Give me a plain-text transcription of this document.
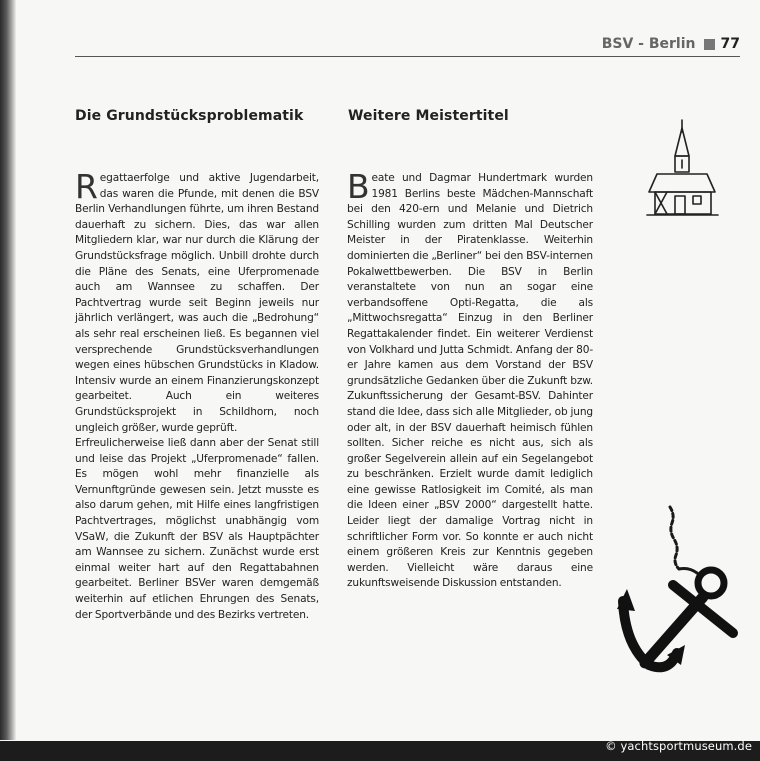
BSV - Berlin 77
Die Grundstücksproblematik	Weitere Meistertitel

Regattaerfolge und aktive Jugendarbeit, das waren die Pfunde, mit denen die BSV Berlin Verhandlungen führte, um ihren Bestand dauerhaft zu sichern. Dies, das war allen Mitgliedern klar, war nur durch die Klärung der Grundstücksfrage möglich. Unbill drohte durch die Pläne des Senats, eine Uferpromenade auch am Wannsee zu schaffen. Der Pachtvertrag wurde seit Beginn jeweils nur jährlich verlängert, was auch die „Bedrohung“ als sehr real erscheinen ließ. Es begannen viel versprechende Grundstücksverhandlungen wegen eines hübschen Grundstücks in Kladow. Intensiv wurde an einem Finanzierungskonzept gearbeitet. Auch ein weiteres Grundstücksprojekt in Schildhorn, noch ungleich größer, wurde geprüft.

Erfreulicherweise ließ dann aber der Senat still und leise das Projekt „Uferpromenade“ fallen. Es mögen wohl mehr finanzielle als Vernunftgründe gewesen sein. Jetzt musste es also darum gehen, mit Hilfe eines langfristigen Pachtvertrages, möglichst unabhängig vom VSaW, die Zukunft der BSV als Hauptpächter am Wannsee zu sichern. Zunächst wurde erst einmal weiter hart auf den Regattabahnen gearbeitet. Berliner BSVer waren demgemäß weiterhin auf etlichen Ehrungen des Senats, der Sportverbände und des Bezirks vertreten.

Beate und Dagmar Hundertmark wurden 1981 Berlins beste Mädchen-Mannschaft bei den 420-ern und Melanie und Dietrich Schilling wurden zum dritten Mal Deutscher Meister in der Piratenklasse. Weiterhin dominierten die „Berliner“ bei den BSV-internen Pokalwettbewerben. Die BSV in Berlin veranstaltete von nun an sogar eine verbandsoffene Opti-Regatta, die als „Mittwochsregatta“ Einzug in den Berliner Regattakalender findet. Ein weiterer Verdienst von Volkhard und Jutta Schmidt. Anfang der 80-er Jahre kamen aus dem Vorstand der BSV grundsätzliche Gedanken über die Zukunft bzw. Zukunftssicherung der Gesamt-BSV. Dahinter stand die Idee, dass sich alle Mitglieder, ob jung oder alt, in der BSV dauerhaft heimisch fühlen sollten. Sicher reiche es nicht aus, sich als großer Segelverein allein auf ein Segelangebot zu beschränken. Erzielt wurde damit lediglich eine gewisse Ratlosigkeit im Comité, als man die Ideen einer „BSV 2000“ dargestellt hatte. Leider liegt der damalige Vortrag nicht in schriftlicher Form vor. So konnte er auch nicht einem größeren Kreis zur Kenntnis gegeben werden. Vielleicht wäre daraus eine zukunftsweisende Diskussion entstanden.

© yachtsportmuseum.de
